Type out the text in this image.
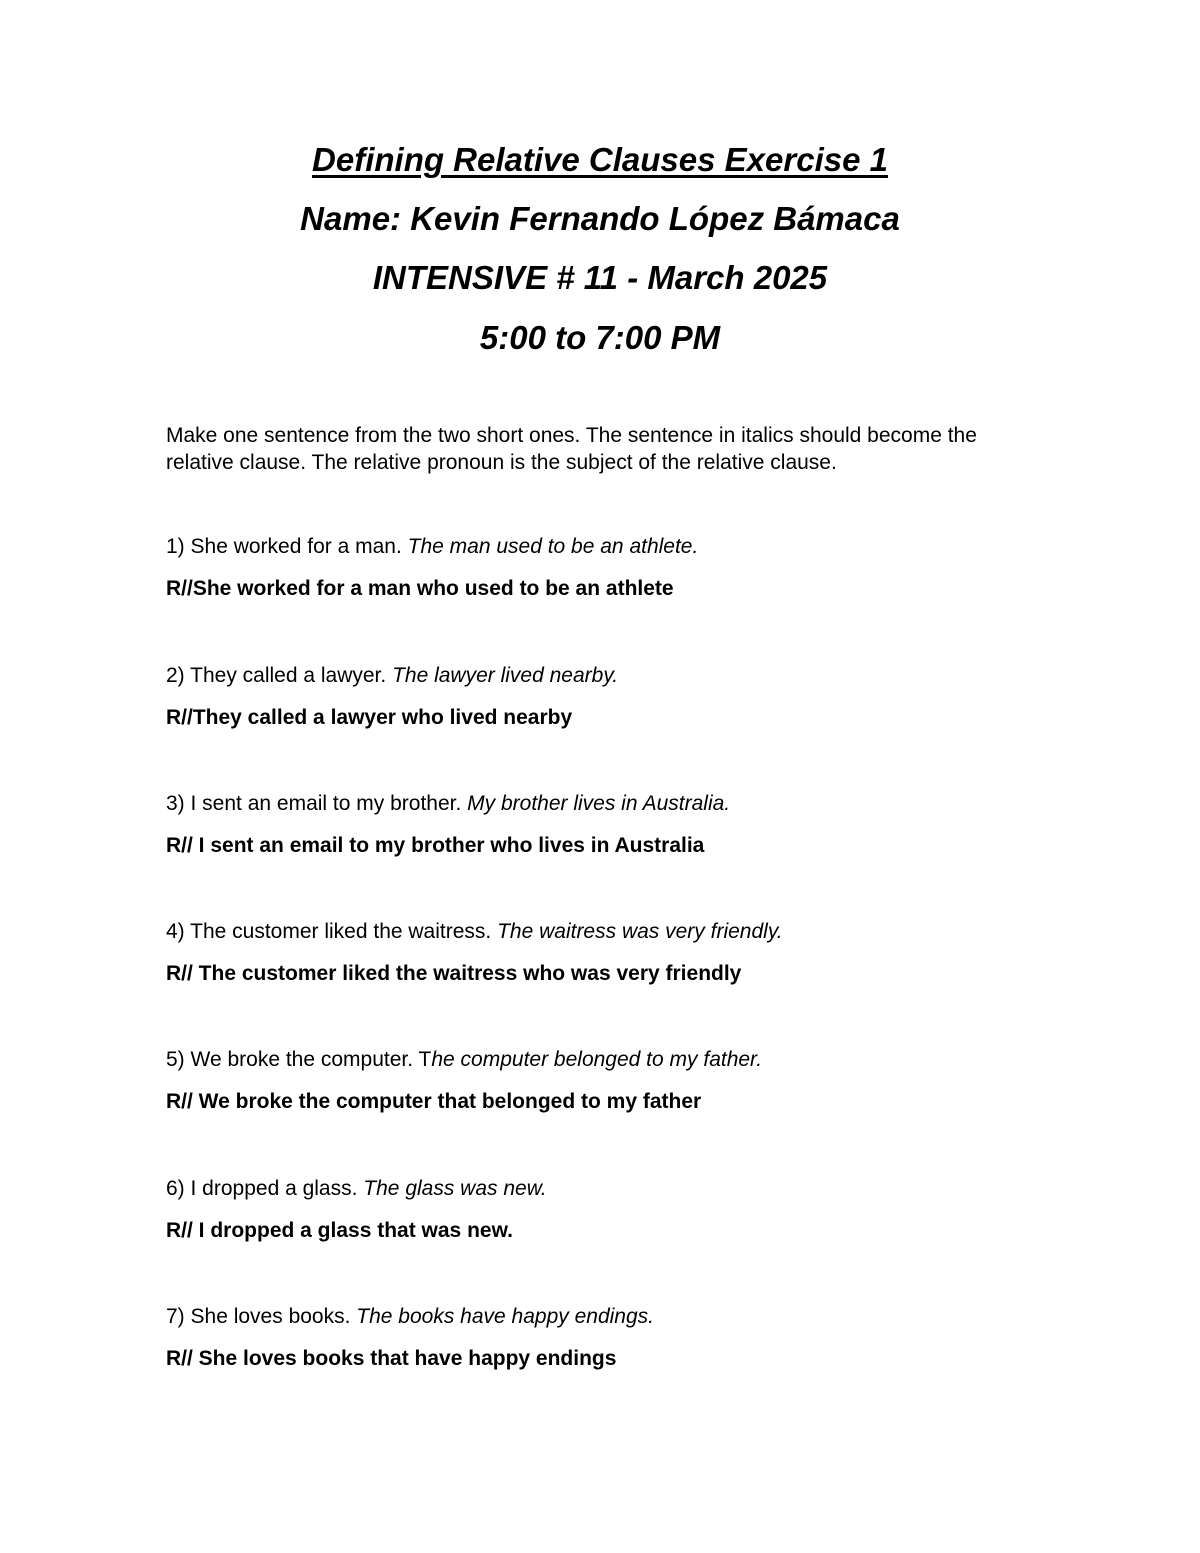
Defining Relative Clauses Exercise 1
Name: Kevin Fernando López Bámaca
INTENSIVE # 11 - March 2025
5:00 to 7:00 PM

Make one sentence from the two short ones. The sentence in italics should become the relative clause. The relative pronoun is the subject of the relative clause.

1) She worked for a man. The man used to be an athlete.

R//She worked for a man who used to be an athlete

2) They called a lawyer. The lawyer lived nearby.

R//They called a lawyer who lived nearby

3) I sent an email to my brother. My brother lives in Australia.

R// I sent an email to my brother who lives in Australia

4) The customer liked the waitress. The waitress was very friendly.

R// The customer liked the waitress who was very friendly

5) We broke the computer. The computer belonged to my father.

R// We broke the computer that belonged to my father

6) I dropped a glass. The glass was new.

R// I dropped a glass that was new.

7) She loves books. The books have happy endings.

R// She loves books that have happy endings
